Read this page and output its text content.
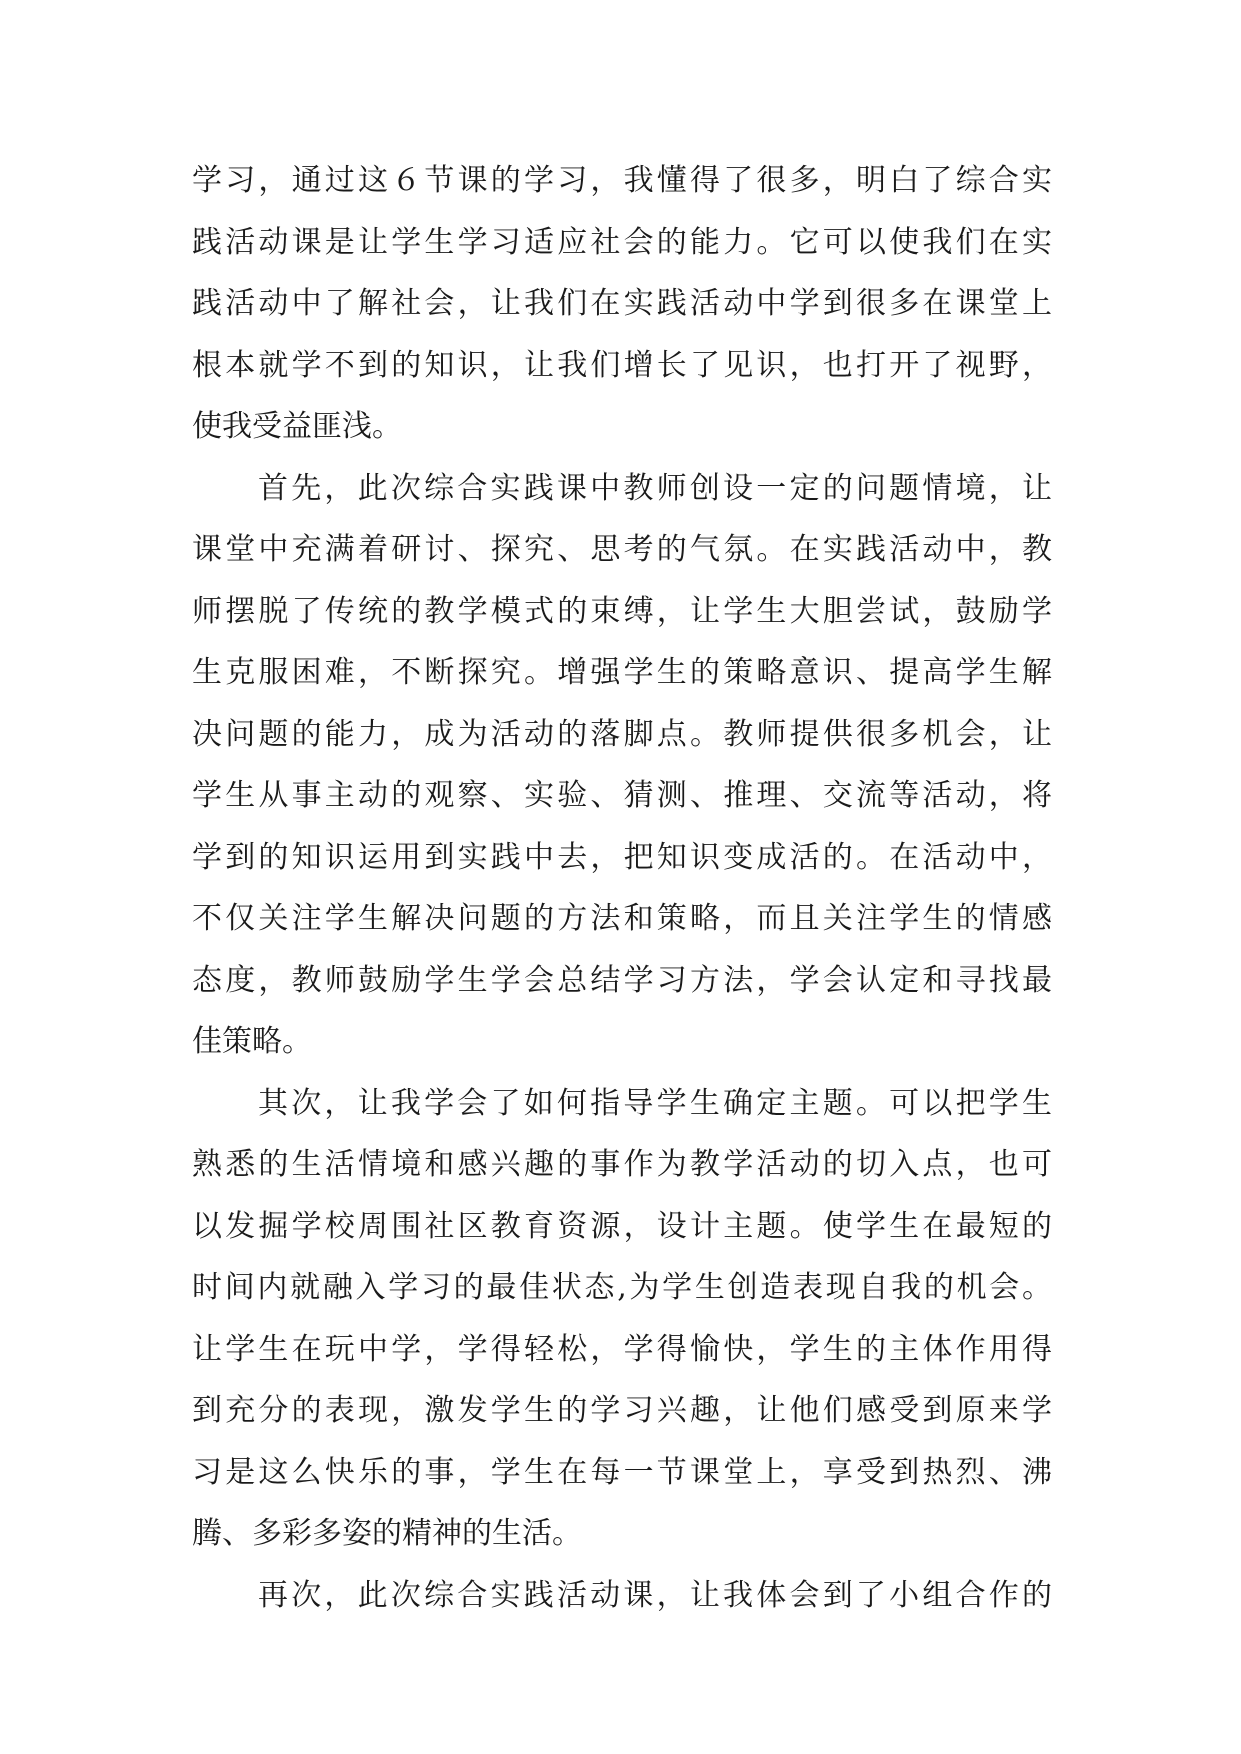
学习，通过这６节课的学习，我懂得了很多，明白了综合实
践活动课是让学生学习适应社会的能力。它可以使我们在实
践活动中了解社会，让我们在实践活动中学到很多在课堂上
根本就学不到的知识，让我们增长了见识，也打开了视野，
使我受益匪浅。
首先，此次综合实践课中教师创设一定的问题情境，让
课堂中充满着研讨、探究、思考的气氛。在实践活动中，教
师摆脱了传统的教学模式的束缚，让学生大胆尝试，鼓励学
生克服困难，不断探究。增强学生的策略意识、提高学生解
决问题的能力，成为活动的落脚点。教师提供很多机会，让
学生从事主动的观察、实验、猜测、推理、交流等活动，将
学到的知识运用到实践中去，把知识变成活的。在活动中，
不仅关注学生解决问题的方法和策略，而且关注学生的情感
态度，教师鼓励学生学会总结学习方法，学会认定和寻找最
佳策略。
其次，让我学会了如何指导学生确定主题。可以把学生
熟悉的生活情境和感兴趣的事作为教学活动的切入点，也可
以发掘学校周围社区教育资源，设计主题。使学生在最短的
时间内就融入学习的最佳状态,为学生创造表现自我的机会。
让学生在玩中学，学得轻松，学得愉快，学生的主体作用得
到充分的表现，激发学生的学习兴趣，让他们感受到原来学
习是这么快乐的事，学生在每一节课堂上，享受到热烈、沸
腾、多彩多姿的精神的生活。
再次，此次综合实践活动课，让我体会到了小组合作的
